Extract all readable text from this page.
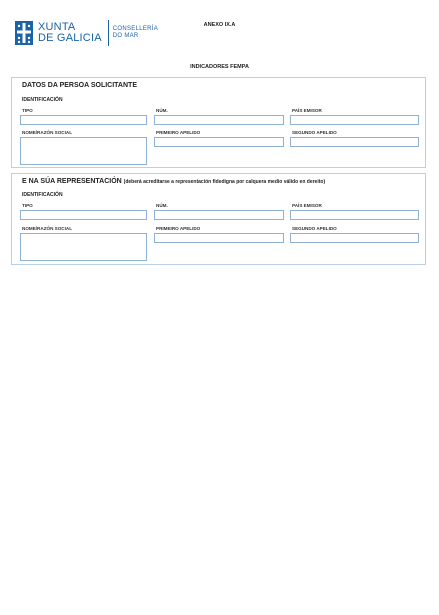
XUNTA
DE GALICIA
CONSELLERÍA
DO MAR
ANEXO IX.A
INDICADORES FEMPA
DATOS DA PERSOA SOLICITANTE
IDENTIFICACIÓN
TIPO	NÚM.	PAÍS EMISOR
NOME/RAZÓN SOCIAL	PRIMEIRO APELIDO	SEGUNDO APELIDO
E NA SÚA REPRESENTACIÓN (deberá acreditarse a representación fidedigna por calquera medio válido en dereito)
IDENTIFICACIÓN
TIPO	NÚM.	PAÍS EMISOR
NOME/RAZÓN SOCIAL	PRIMEIRO APELIDO	SEGUNDO APELIDO
